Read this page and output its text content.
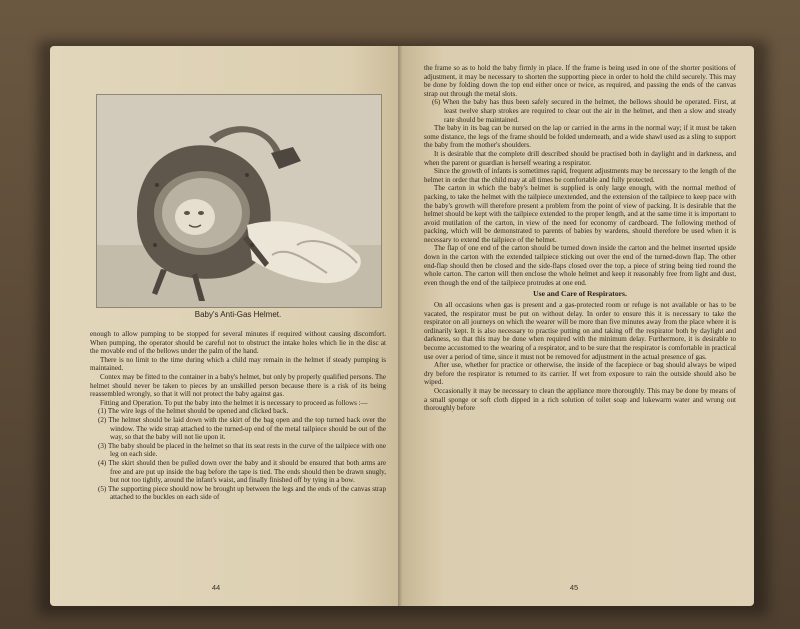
Baby's Anti-Gas Helmet.

enough to allow pumping to be stopped for several minutes if required without causing discomfort. When pumping, the operator should be careful not to obstruct the intake holes which lie in the disc at the movable end of the bellows under the palm of the hand.

There is no limit to the time during which a child may remain in the helmet if steady pumping is maintained.

Contex may be fitted to the container in a baby's helmet, but only by properly qualified persons. The helmet should never be taken to pieces by an unskilled person because there is a risk of its being reassembled wrongly, so that it will not protect the baby against gas.

Fitting and Operation. To put the baby into the helmet it is necessary to proceed as follows :—

(1) The wire legs of the helmet should be opened and clicked back.

(2) The helmet should be laid down with the skirt of the bag open and the top turned back over the window. The wide strap attached to the turned-up end of the metal tailpiece should be out of the way, so that the baby will not lie upon it.

(3) The baby should be placed in the helmet so that its seat rests in the curve of the tailpiece with one leg on each side.

(4) The skirt should then be pulled down over the baby and it should be ensured that both arms are free and are put up inside the bag before the tape is tied. The ends should then be drawn snugly, but not too tightly, around the infant's waist, and finally finished off by tying in a bow.

(5) The supporting piece should now be brought up between the legs and the ends of the canvas strap attached to the buckles on each side of

44

the frame so as to hold the baby firmly in place. If the frame is being used in one of the shorter positions of adjustment, it may be necessary to shorten the supporting piece in order to hold the child securely. This may be done by folding down the top end either once or twice, as required, and passing the ends of the canvas strap out through the metal slots.

(6) When the baby has thus been safely secured in the helmet, the bellows should be operated. First, at least twelve sharp strokes are required to clear out the air in the helmet, and then a slow and steady rate should be maintained.

The baby in its bag can be nursed on the lap or carried in the arms in the normal way; if it must be taken some distance, the legs of the frame should be folded underneath, and a wide shawl used as a sling to support the baby from the mother's shoulders.

It is desirable that the complete drill described should be practised both in daylight and in darkness, and when the parent or guardian is herself wearing a respirator.

Since the growth of infants is sometimes rapid, frequent adjustments may be necessary to the length of the helmet in order that the child may at all times be comfortable and fully protected.

The carton in which the baby's helmet is supplied is only large enough, with the normal method of packing, to take the helmet with the tailpiece unextended, and the extension of the tailpiece to keep pace with the baby's growth will therefore present a problem from the point of view of packing. It is desirable that the helmet should be kept with the tailpiece extended to the proper length, and at the same time it is important to avoid mutilation of the carton, in view of the need for economy of cardboard. The following method of packing, which will be demonstrated to parents of babies by wardens, should therefore be used when it is necessary to extend the tailpiece of the helmet.

The flap of one end of the carton should be turned down inside the carton and the helmet inserted upside down in the carton with the extended tailpiece sticking out over the end of the turned-down flap. The other end-flap should then be closed and the side-flaps closed over the top, a piece of string being tied round the whole carton. The carton will then enclose the whole helmet and keep it reasonably free from light and dust, even though the end of the tailpiece protrudes at one end.

Use and Care of Respirators.

On all occasions when gas is present and a gas-protected room or refuge is not available or has to be vacated, the respirator must be put on without delay. In order to ensure this it is necessary to take the respirator on all journeys on which the wearer will be more than five minutes away from the place where it is ordinarily kept. It is also necessary to practise putting on and taking off the respirator both by daylight and darkness, so that this may be done when required with the minimum delay. Furthermore, it is desirable to become accustomed to the wearing of a respirator, and to be sure that the respirator is comfortable in practical use over a period of time, since it must not be removed for adjustment in the actual presence of gas.

After use, whether for practice or otherwise, the inside of the facepiece or bag should always be wiped dry before the respirator is returned to its carrier. If wet from exposure to rain the outside should also be wiped.

Occasionally it may be necessary to clean the appliance more thoroughly. This may be done by means of a small sponge or soft cloth dipped in a rich solution of toilet soap and lukewarm water and wrung out thoroughly before

45
